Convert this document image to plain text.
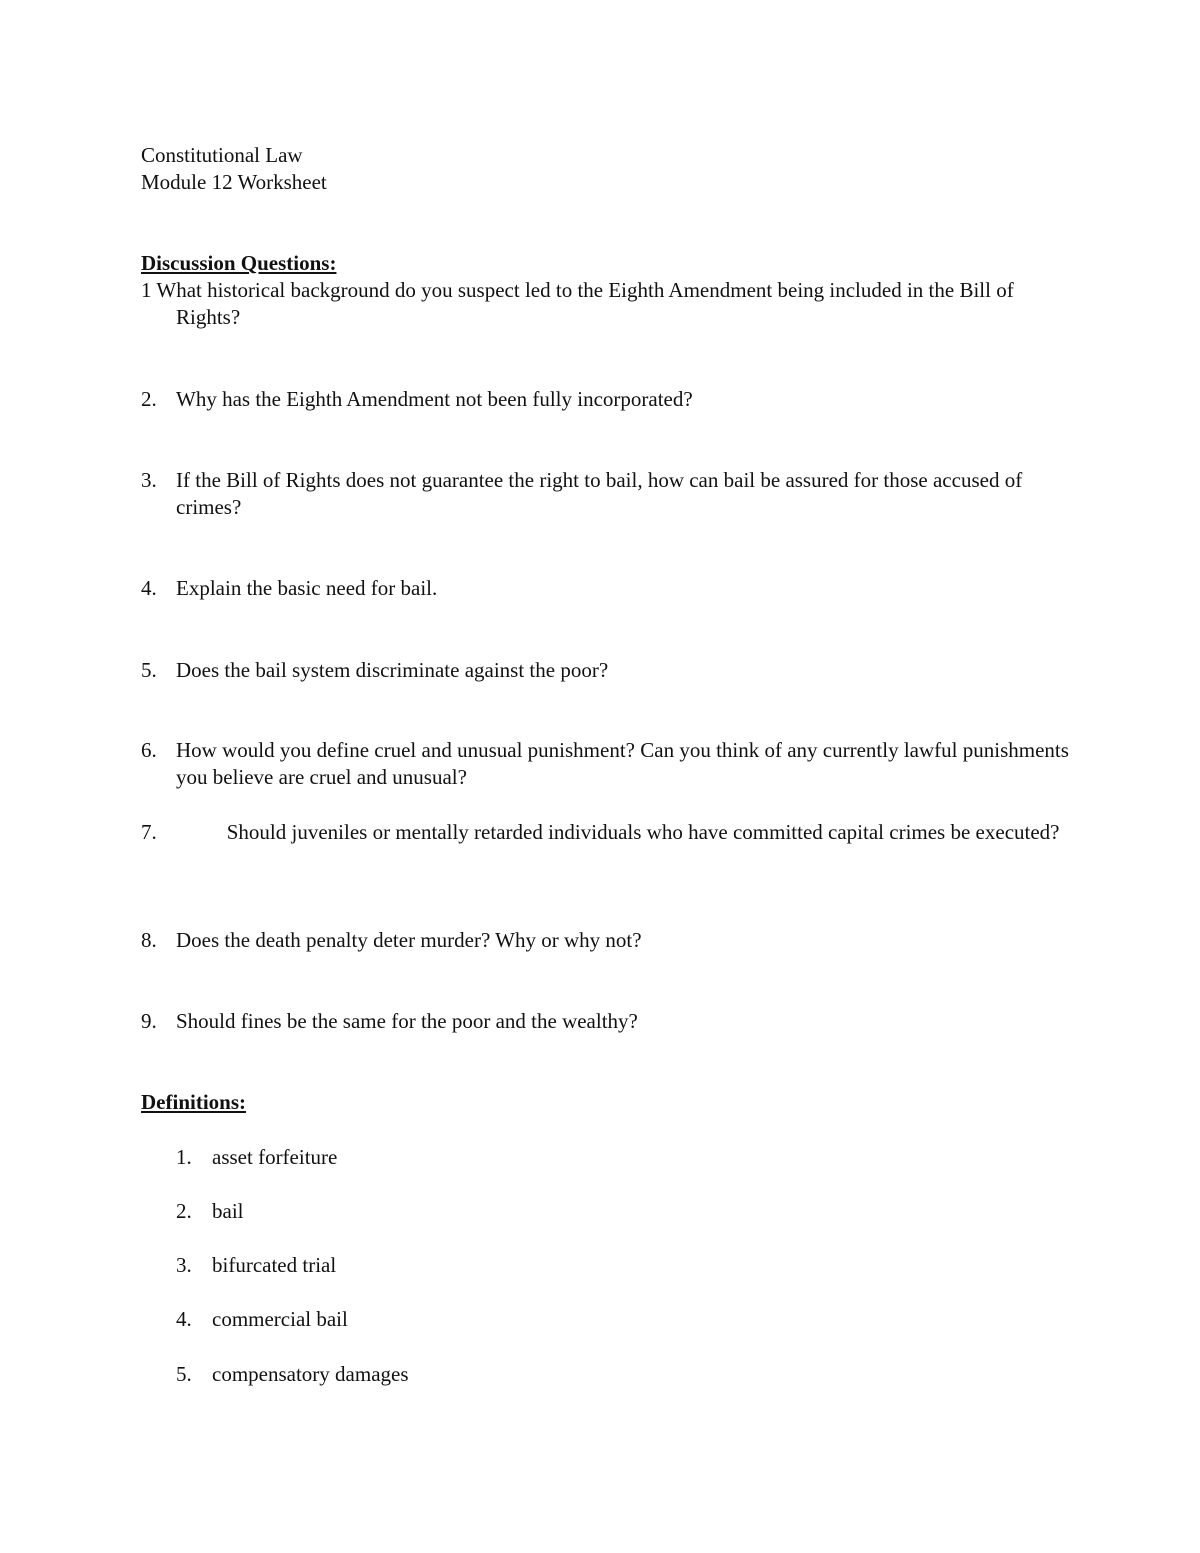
Constitutional Law
Module 12 Worksheet
Discussion Questions:
1 What historical background do you suspect led to the Eighth Amendment being included in the Bill of Rights?
2. Why has the Eighth Amendment not been fully incorporated?
3. If the Bill of Rights does not guarantee the right to bail, how can bail be assured for those accused of crimes?
4. Explain the basic need for bail.
5. Does the bail system discriminate against the poor?
6. How would you define cruel and unusual punishment? Can you think of any currently lawful punishments you believe are cruel and unusual?
7.	Should juveniles or mentally retarded individuals who have committed capital crimes be executed?
8. Does the death penalty deter murder? Why or why not?
9. Should fines be the same for the poor and the wealthy?
Definitions:
1. asset forfeiture
2. bail
3. bifurcated trial
4. commercial bail
5. compensatory damages
